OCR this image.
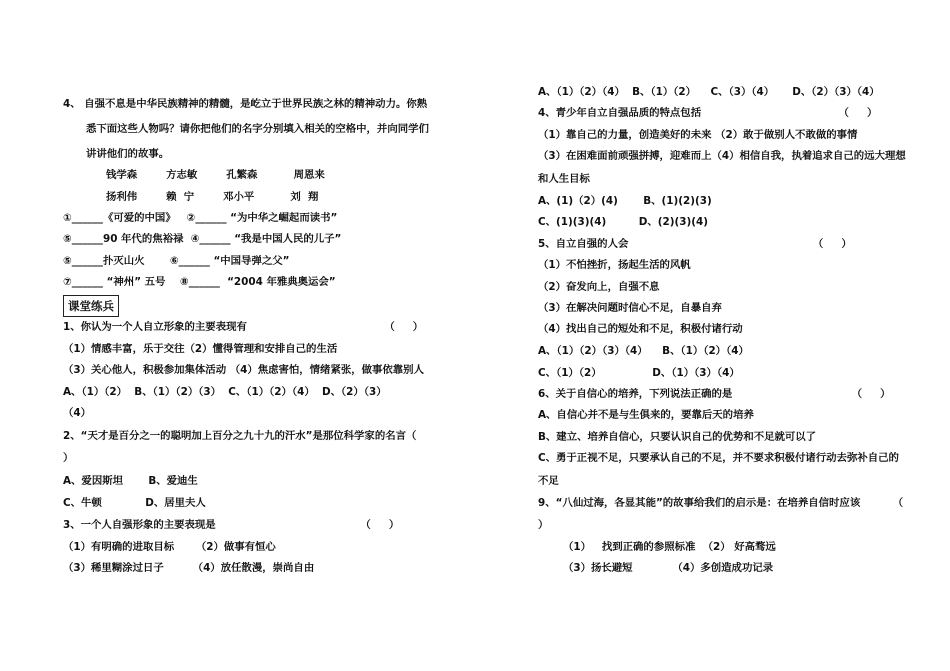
4、 自强不息是中华民族精神的精髓，是屹立于世界民族之林的精神动力。你熟
悉下面这些人物吗？请你把他们的名字分别填入相关的空格中，并向同学们
讲讲他们的故事。
钱学森        方志敏        孔繁森          周恩来
扬利伟        赖  宁        邓小平          刘  翔
①______《可爱的中国》   ②______ “为中华之崛起而读书”
⑤______90 年代的焦裕禄  ④______ “我是中国人民的儿子”
⑤______扑灭山火       ⑥______ “中国导弹之父”
⑦______ “神州” 五号    ⑧______  “2004 年雅典奥运会”
课堂练兵
1、你认为一个人自立形象的主要表现有                                      （     ）
（1）情感丰富，乐于交往（2）懂得管理和安排自己的生活
（3）关心他人，积极参加集体活动 （4）焦虑害怕，情绪紧张，做事依靠别人
A、（1）（2）  B、（1）（2）（3）  C、（1）（2）（4）  D、（2）（3）
（4）
2、“天才是百分之一的聪明加上百分之九十九的汗水”是那位科学家的名言（
）
A、爱因斯坦       B、爱迪生
C、牛顿            D、居里夫人
3、一个人自强形象的主要表现是                                        （     ）
（1）有明确的进取目标      （2）做事有恒心
（3）稀里糊涂过日子        （4）放任散漫，崇尚自由
A、（1）（2）（4）  B、（1）（2）    C、（3）（4）     D、（2）（3）（4）
4、青少年自立自强品质的特点包括                                      （     ）
（1）靠自己的力量，创造美好的未来 （2）敢于做别人不敢做的事情
（3）在困难面前顽强拼搏，迎难而上（4）相信自我，执着追求自己的远大理想
和人生目标
A、(1)（2）(4)       B、(1)(2)(3)
C、(1)(3)(4)         D、(2)(3)(4)
5、自立自强的人会                                                   （     ）
（1）不怕挫折，扬起生活的风帆
（2）奋发向上，自强不息
（3）在解决问题时信心不足，自暴自弃
（4）找出自己的短处和不足，积极付诸行动
A、（1）（2）（3）（4）    B、（1）（2）（4）
C、（1）（2）              D、（1）（3）（4）
6、关于自信心的培养，下列说法正确的是                                 （     ）
A、自信心并不是与生俱来的，要靠后天的培养
B、建立、培养自信心，只要认识自己的优势和不足就可以了
C、勇于正视不足，只要承认自己的不足，并不要求积极付诸行动去弥补自己的
不足
9、“八仙过海，各显其能”的故事给我们的启示是：在培养自信时应该         （
）
（1）   找到正确的参照标准  （2） 好高骛远
（3）扬长避短           （4）多创造成功记录
